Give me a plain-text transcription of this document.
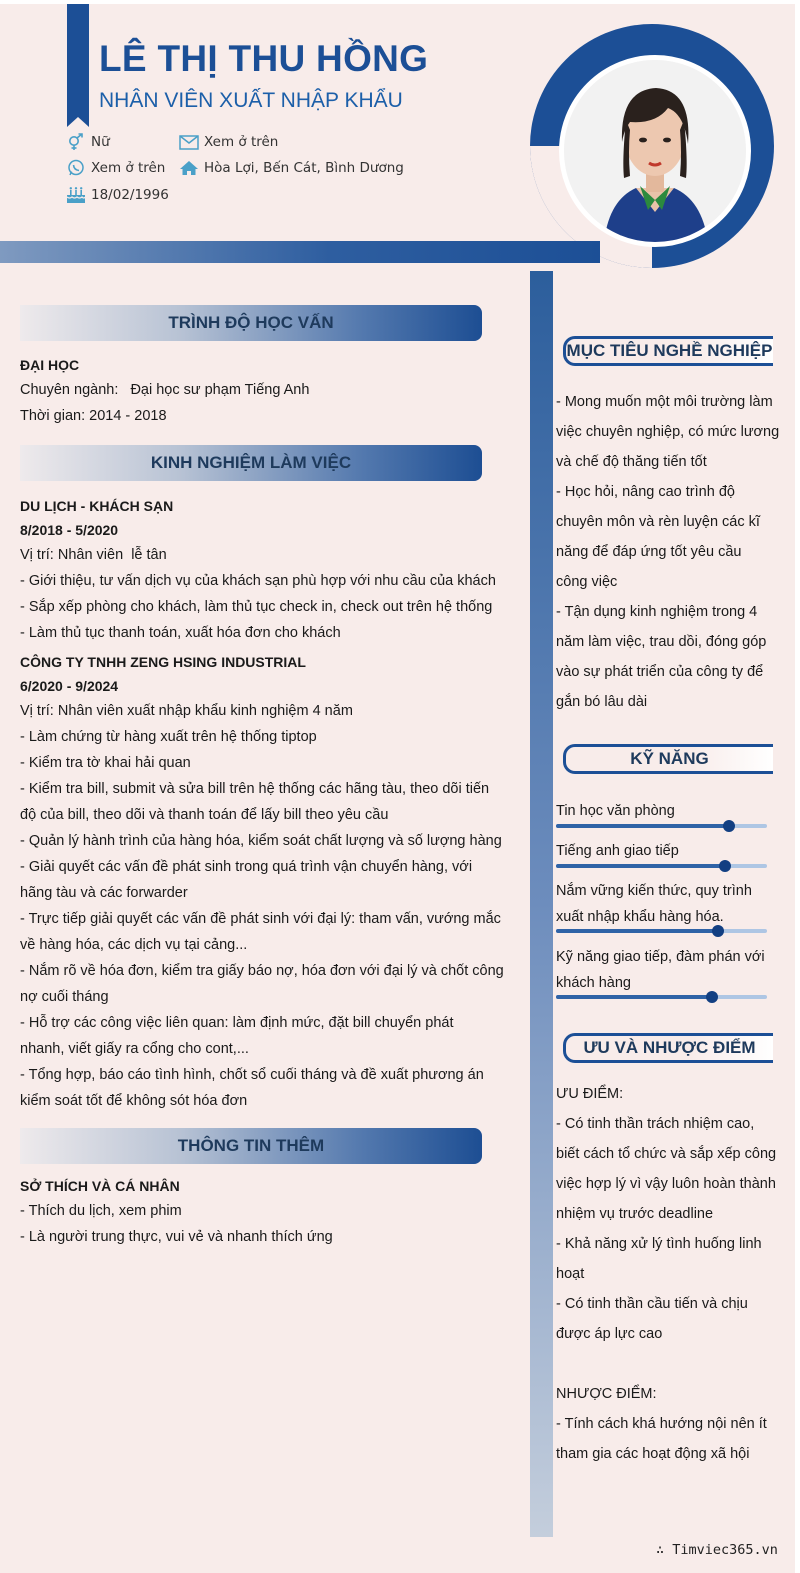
LÊ THỊ THU HỒNG
NHÂN VIÊN XUẤT NHẬP KHẨU
Nữ	Xem ở trên
Xem ở trên	Hòa Lợi, Bến Cát, Bình Dương
18/02/1996
TRÌNH ĐỘ HỌC VẤN
ĐẠI HỌC
Chuyên ngành:   Đại học sư phạm Tiếng Anh
Thời gian: 2014 - 2018
KINH NGHIỆM LÀM VIỆC
DU LỊCH - KHÁCH SẠN
8/2018 - 5/2020
Vị trí: Nhân viên  lễ tân
- Giới thiệu, tư vấn dịch vụ của khách sạn phù hợp với nhu cầu của khách
- Sắp xếp phòng cho khách, làm thủ tục check in, check out trên hệ thống
- Làm thủ tục thanh toán, xuất hóa đơn cho khách
CÔNG TY TNHH ZENG HSING INDUSTRIAL
6/2020 - 9/2024
Vị trí: Nhân viên xuất nhập khẩu kinh nghiệm 4 năm
- Làm chứng từ hàng xuất trên hệ thống tiptop
- Kiểm tra tờ khai hải quan
- Kiểm tra bill, submit và sửa bill trên hệ thống các hãng tàu, theo dõi tiến
độ của bill, theo dõi và thanh toán để lấy bill theo yêu cầu
- Quản lý hành trình của hàng hóa, kiểm soát chất lượng và số lượng hàng
- Giải quyết các vấn đề phát sinh trong quá trình vận chuyển hàng, với
hãng tàu và các forwarder
- Trực tiếp giải quyết các vấn đề phát sinh với đại lý: tham vấn, vướng mắc
về hàng hóa, các dịch vụ tại cảng...
- Nắm rõ về hóa đơn, kiểm tra giấy báo nợ, hóa đơn với đại lý và chốt công
nợ cuối tháng
- Hỗ trợ các công việc liên quan: làm định mức, đặt bill chuyển phát
nhanh, viết giấy ra cổng cho cont,...
- Tổng hợp, báo cáo tình hình, chốt sổ cuối tháng và đề xuất phương án
kiểm soát tốt để không sót hóa đơn
THÔNG TIN THÊM
SỞ THÍCH VÀ CÁ NHÂN
- Thích du lịch, xem phim
- Là người trung thực, vui vẻ và nhanh thích ứng
MỤC TIÊU NGHỀ NGHIỆP
- Mong muốn một môi trường làm
việc chuyên nghiệp, có mức lương
và chế độ thăng tiến tốt
- Học hỏi, nâng cao trình độ
chuyên môn và rèn luyện các kĩ
năng để đáp ứng tốt yêu cầu
công việc
- Tận dụng kinh nghiệm trong 4
năm làm việc, trau dồi, đóng góp
vào sự phát triển của công ty để
gắn bó lâu dài
KỸ NĂNG
Tin học văn phòng
Tiếng anh giao tiếp
Nắm vững kiến thức, quy trình xuất nhập khẩu hàng hóa.
Kỹ năng giao tiếp, đàm phán với khách hàng
ƯU VÀ NHƯỢC ĐIỂM
ƯU ĐIỂM:
- Có tinh thần trách nhiệm cao,
biết cách tổ chức và sắp xếp công
việc hợp lý vì vậy luôn hoàn thành
nhiệm vụ trước deadline
- Khả năng xử lý tình huống linh
hoạt
- Có tinh thần cầu tiến và chịu
được áp lực cao
NHƯỢC ĐIỂM:
- Tính cách khá hướng nội nên ít
tham gia các hoạt động xã hội
∴ Timviec365.vn
